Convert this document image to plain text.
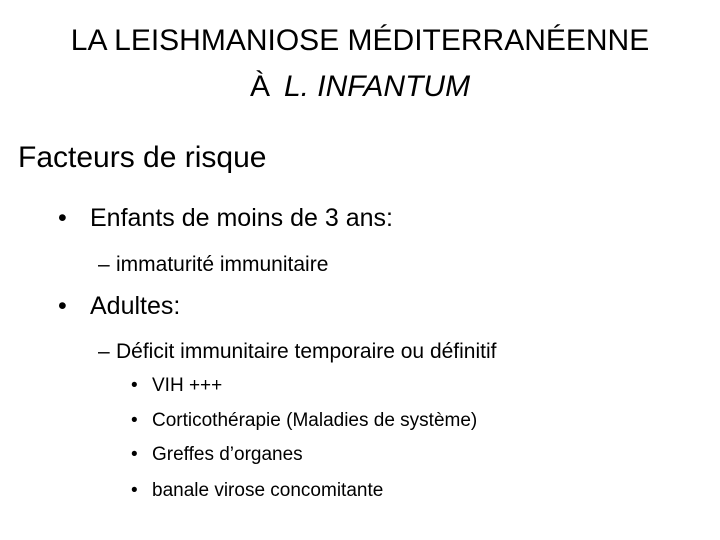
LA LEISHMANIOSE MÉDITERRANÉENNE
À L. INFANTUM
Facteurs de risque
• Enfants de moins de 3 ans:
– immaturité immunitaire
• Adultes:
– Déficit immunitaire temporaire ou définitif
• VIH +++
• Corticothérapie (Maladies de système)
• Greffes d’organes
• banale virose concomitante
